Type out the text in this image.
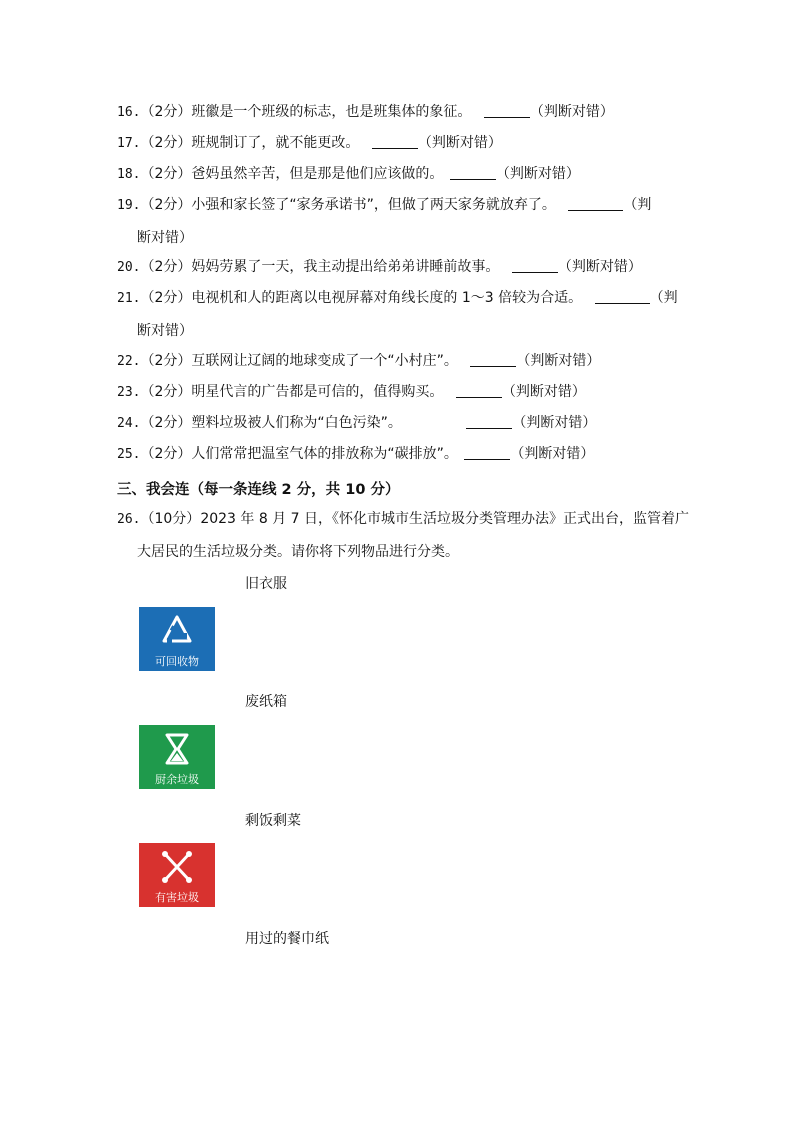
16.（2分）班徽是一个班级的标志，也是班集体的象征。	（判断对错）
17.（2分）班规制订了，就不能更改。	（判断对错）
18.（2分）爸妈虽然辛苦，但是那是他们应该做的。	（判断对错）
19.（2分）小强和家长签了“家务承诺书”，但做了两天家务就放弃了。	（判
断对错）
20.（2分）妈妈劳累了一天，我主动提出给弟弟讲睡前故事。	（判断对错）
21.（2分）电视机和人的距离以电视屏幕对角线长度的 1～3 倍较为合适。	（判
断对错）
22.（2分）互联网让辽阔的地球变成了一个“小村庄”。	（判断对错）
23.（2分）明星代言的广告都是可信的，值得购买。	（判断对错）
24.（2分）塑料垃圾被人们称为“白色污染”。	（判断对错）
25.（2分）人们常常把温室气体的排放称为“碳排放”。	（判断对错）
三、我会连（每一条连线 2 分，共 10 分）
26.（10分）2023 年 8 月 7 日，《怀化市城市生活垃圾分类管理办法》正式出台，监管着广
大居民的生活垃圾分类。请你将下列物品进行分类。
旧衣服
废纸箱
剩饭剩菜
用过的餐巾纸
可回收物
厨余垃圾
有害垃圾
